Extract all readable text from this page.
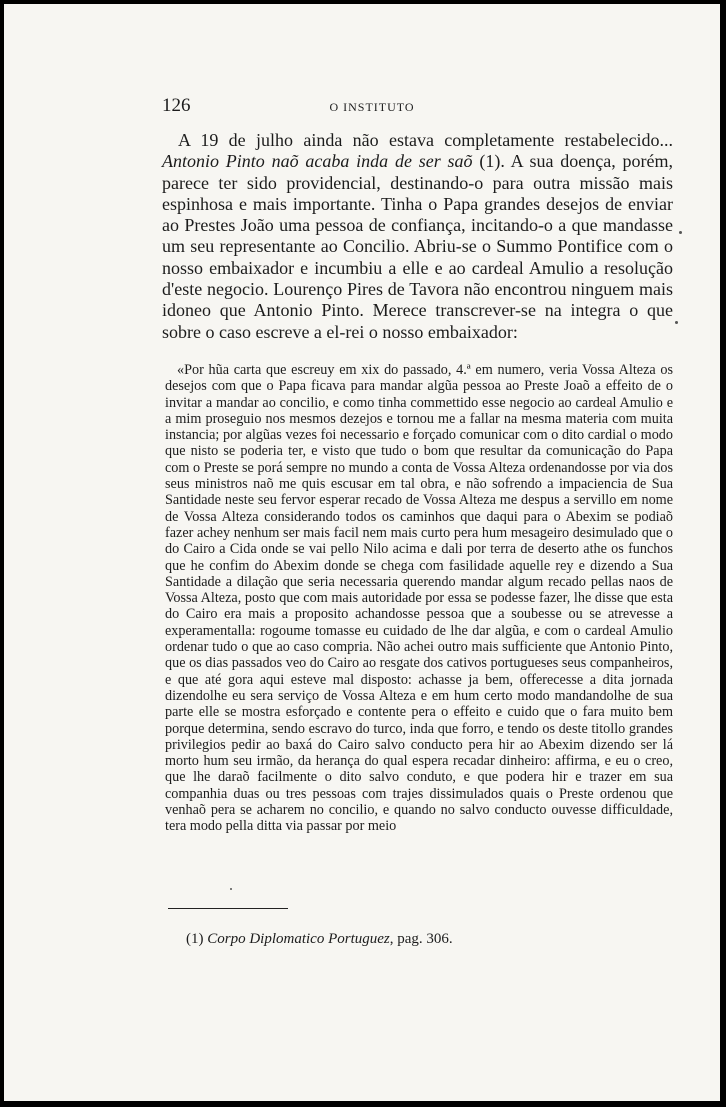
126	O INSTITUTO

A 19 de julho ainda não estava completamente restabelecido... Antonio Pinto naõ acaba inda de ser saõ (1). A sua doença, porém, parece ter sido providencial, destinando-o para outra missão mais espinhosa e mais importante. Tinha o Papa grandes desejos de enviar ao Prestes João uma pessoa de confiança, incitando-o a que mandasse um seu representante ao Concilio. Abriu-se o Summo Pontifice com o nosso embaixador e incumbiu a elle e ao cardeal Amulio a resolução d'este negocio. Lourenço Pires de Tavora não encontrou ninguem mais idoneo que Antonio Pinto. Merece transcrever-se na integra o que sobre o caso escreve a el-rei o nosso embaixador:

«Por hũa carta que escreuy em xix do passado, 4.ª em numero, veria Vossa Alteza os desejos com que o Papa ficava para mandar algũa pessoa ao Preste Joaõ a effeito de o invitar a mandar ao concilio, e como tinha commettido esse negocio ao cardeal Amulio e a mim proseguio nos mesmos dezejos e tornou me a fallar na mesma materia com muita instancia; por algũas vezes foi necessario e forçado comunicar com o dito cardial o modo que nisto se poderia ter, e visto que tudo o bom que resultar da comunicação do Papa com o Preste se porá sempre no mundo a conta de Vossa Alteza ordenandosse por via dos seus ministros naõ me quis escusar em tal obra, e não sofrendo a impaciencia de Sua Santidade neste seu fervor esperar recado de Vossa Alteza me despus a servillo em nome de Vossa Alteza considerando todos os caminhos que daqui para o Abexim se podiaõ fazer achey nenhum ser mais facil nem mais curto pera hum mesageiro desimulado que o do Cairo a Cida onde se vai pello Nilo acima e dali por terra de deserto athe os funchos que he confim do Abexim donde se chega com fasilidade aquelle rey e dizendo a Sua Santidade a dilação que seria necessaria querendo mandar algum recado pellas naos de Vossa Alteza, posto que com mais autoridade por essa se podesse fazer, lhe disse que esta do Cairo era mais a proposito achandosse pessoa que a soubesse ou se atrevesse a experamentalla: rogoume tomasse eu cuidado de lhe dar algũa, e com o cardeal Amulio ordenar tudo o que ao caso compria. Não achei outro mais sufficiente que Antonio Pinto, que os dias passados veo do Cairo ao resgate dos cativos portugueses seus companheiros, e que até gora aqui esteve mal disposto: achasse ja bem, offerecesse a dita jornada dizendolhe eu sera serviço de Vossa Alteza e em hum certo modo mandandolhe de sua parte elle se mostra esforçado e contente pera o effeito e cuido que o fara muito bem porque determina, sendo escravo do turco, inda que forro, e tendo os deste titollo grandes privilegios pedir ao baxá do Cairo salvo conducto pera hir ao Abexim dizendo ser lá morto hum seu irmão, da herança do qual espera recadar dinheiro: affirma, e eu o creo, que lhe daraõ facilmente o dito salvo conduto, e que podera hir e trazer em sua companhia duas ou tres pessoas com trajes dissimulados quais o Preste ordenou que venhaõ pera se acharem no concilio, e quando no salvo conducto ouvesse difficuldade, tera modo pella ditta via passar por meio

(1) Corpo Diplomatico Portuguez, pag. 306.
